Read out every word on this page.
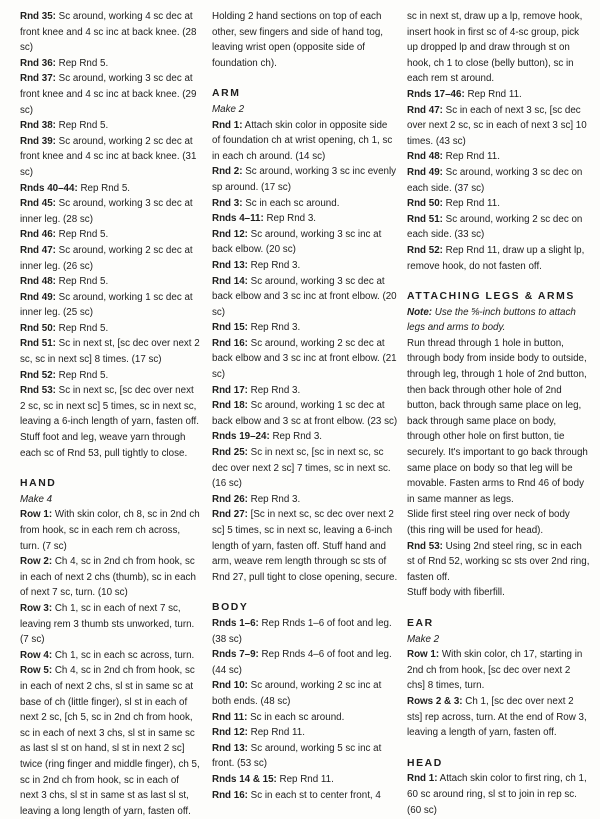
Rnd 35: Sc around, working 4 sc dec at front knee and 4 sc inc at back knee. (28 sc)

Rnd 36: Rep Rnd 5.

Rnd 37: Sc around, working 3 sc dec at front knee and 4 sc inc at back knee. (29 sc)

Rnd 38: Rep Rnd 5.

Rnd 39: Sc around, working 2 sc dec at front knee and 4 sc inc at back knee. (31 sc)

Rnds 40–44: Rep Rnd 5.

Rnd 45: Sc around, working 3 sc dec at inner leg. (28 sc)

Rnd 46: Rep Rnd 5.

Rnd 47: Sc around, working 2 sc dec at inner leg. (26 sc)

Rnd 48: Rep Rnd 5.

Rnd 49: Sc around, working 1 sc dec at inner leg. (25 sc)

Rnd 50: Rep Rnd 5.

Rnd 51: Sc in next st, [sc dec over next 2 sc, sc in next sc] 8 times. (17 sc)

Rnd 52: Rep Rnd 5.

Rnd 53: Sc in next sc, [sc dec over next 2 sc, sc in next sc] 5 times, sc in next sc, leaving a 6-inch length of yarn, fasten off. Stuff foot and leg, weave yarn through each sc of Rnd 53, pull tightly to close.

HAND

Make 4

Row 1: With skin color, ch 8, sc in 2nd ch from hook, sc in each rem ch across, turn. (7 sc)

Row 2: Ch 4, sc in 2nd ch from hook, sc in each of next 2 chs (thumb), sc in each of next 7 sc, turn. (10 sc)

Row 3: Ch 1, sc in each of next 7 sc, leaving rem 3 thumb sts unworked, turn. (7 sc)

Row 4: Ch 1, sc in each sc across, turn.

Row 5: Ch 4, sc in 2nd ch from hook, sc in each of next 2 chs, sl st in same sc at base of ch (little finger), sl st in each of next 2 sc, [ch 5, sc in 2nd ch from hook, sc in each of next 3 chs, sl st in same sc as last sl st on hand, sl st in next 2 sc] twice (ring finger and middle finger), ch 5, sc in 2nd ch from hook, sc in each of next 3 chs, sl st in same st as last sl st, leaving a long length of yarn, fasten off.

Holding 2 hand sections on top of each other, sew fingers and side of hand tog, leaving wrist open (opposite side of foundation ch).

ARM

Make 2

Rnd 1: Attach skin color in opposite side of foundation ch at wrist opening, ch 1, sc in each ch around. (14 sc)

Rnd 2: Sc around, working 3 sc inc evenly sp around. (17 sc)

Rnd 3: Sc in each sc around.

Rnds 4–11: Rep Rnd 3.

Rnd 12: Sc around, working 3 sc inc at back elbow. (20 sc)

Rnd 13: Rep Rnd 3.

Rnd 14: Sc around, working 3 sc dec at back elbow and 3 sc inc at front elbow. (20 sc)

Rnd 15: Rep Rnd 3.

Rnd 16: Sc around, working 2 sc dec at back elbow and 3 sc inc at front elbow. (21 sc)

Rnd 17: Rep Rnd 3.

Rnd 18: Sc around, working 1 sc dec at back elbow and 3 sc at front elbow. (23 sc)

Rnds 19–24: Rep Rnd 3.

Rnd 25: Sc in next sc, [sc in next sc, sc dec over next 2 sc] 7 times, sc in next sc. (16 sc)

Rnd 26: Rep Rnd 3.

Rnd 27: [Sc in next sc, sc dec over next 2 sc] 5 times, sc in next sc, leaving a 6-inch length of yarn, fasten off. Stuff hand and arm, weave rem length through sc sts of Rnd 27, pull tight to close opening, secure.

BODY

Rnds 1–6: Rep Rnds 1–6 of foot and leg. (38 sc)

Rnds 7–9: Rep Rnds 4–6 of foot and leg. (44 sc)

Rnd 10: Sc around, working 2 sc inc at both ends. (48 sc)

Rnd 11: Sc in each sc around.

Rnd 12: Rep Rnd 11.

Rnd 13: Sc around, working 5 sc inc at front. (53 sc)

Rnds 14 & 15: Rep Rnd 11.

Rnd 16: Sc in each st to center front, 4

sc in next st, draw up a lp, remove hook, insert hook in first sc of 4-sc group, pick up dropped lp and draw through st on hook, ch 1 to close (belly button), sc in each rem st around.

Rnds 17–46: Rep Rnd 11.

Rnd 47: Sc in each of next 3 sc, [sc dec over next 2 sc, sc in each of next 3 sc] 10 times. (43 sc)

Rnd 48: Rep Rnd 11.

Rnd 49: Sc around, working 3 sc dec on each side. (37 sc)

Rnd 50: Rep Rnd 11.

Rnd 51: Sc around, working 2 sc dec on each side. (33 sc)

Rnd 52: Rep Rnd 11, draw up a slight lp, remove hook, do not fasten off.

ATTACHING LEGS & ARMS

Note: Use the ⅝-inch buttons to attach legs and arms to body.

Run thread through 1 hole in button, through body from inside body to outside, through leg, through 1 hole of 2nd button, then back through other hole of 2nd button, back through same place on leg, back through same place on body, through other hole on first button, tie securely. It's important to go back through same place on body so that leg will be movable. Fasten arms to Rnd 46 of body in same manner as legs.

Slide first steel ring over neck of body (this ring will be used for head).

Rnd 53: Using 2nd steel ring, sc in each st of Rnd 52, working sc sts over 2nd ring, fasten off.

Stuff body with fiberfill.

EAR

Make 2

Row 1: With skin color, ch 17, starting in 2nd ch from hook, [sc dec over next 2 chs] 8 times, turn.

Rows 2 & 3: Ch 1, [sc dec over next 2 sts] rep across, turn. At the end of Row 3, leaving a length of yarn, fasten off.

HEAD

Rnd 1: Attach skin color to first ring, ch 1, 60 sc around ring, sl st to join in rep sc. (60 sc)
